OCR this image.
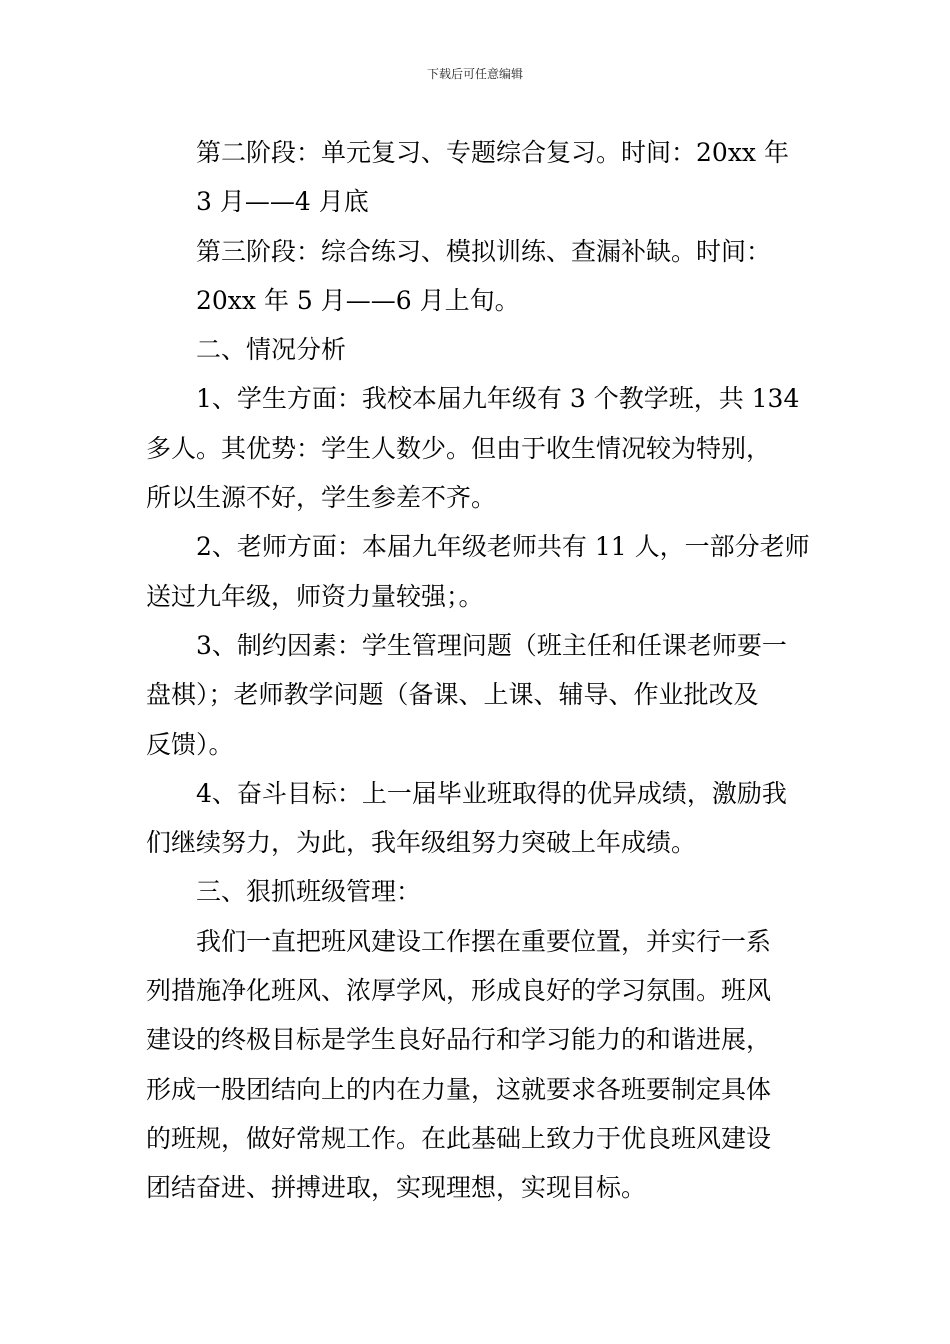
下载后可任意编辑
第二阶段：单元复习、专题综合复习。时间：20xx 年
3 月——4 月底
第三阶段：综合练习、模拟训练、查漏补缺。时间：
20xx 年 5 月——6 月上旬。
二、情况分析
1、学生方面：我校本届九年级有 3 个教学班，共 134
多人。其优势：学生人数少。但由于收生情况较为特别，
所以生源不好，学生参差不齐。
2、老师方面：本届九年级老师共有 11 人，一部分老师
送过九年级，师资力量较强；。
3、制约因素：学生管理问题（班主任和任课老师要一
盘棋）；老师教学问题（备课、上课、辅导、作业批改及
反馈）。
4、奋斗目标：上一届毕业班取得的优异成绩，激励我
们继续努力，为此，我年级组努力突破上年成绩。
三、狠抓班级管理：
我们一直把班风建设工作摆在重要位置，并实行一系
列措施净化班风、浓厚学风，形成良好的学习氛围。班风
建设的终极目标是学生良好品行和学习能力的和谐进展，
形成一股团结向上的内在力量，这就要求各班要制定具体
的班规，做好常规工作。在此基础上致力于优良班风建设
团结奋进、拼搏进取，实现理想，实现目标。
